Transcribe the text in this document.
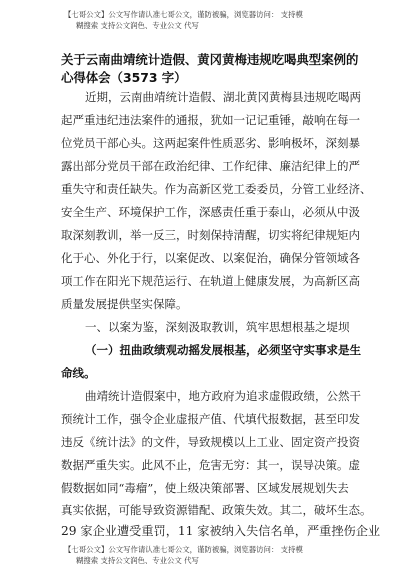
【七哥公文】公文写作请认准七哥公文，谨防被骗，浏览器访问： 支持模
糊搜索 支持公文润色、专业公文 代写
关于云南曲靖统计造假、黄冈黄梅违规吃喝典型案例的
心得体会（3573 字）
近期，云南曲靖统计造假、湖北黄冈黄梅县违规吃喝两
起严重违纪违法案件的通报，犹如一记记重锤，敲响在每一
位党员干部心头。这两起案件性质恶劣、影响极坏，深刻暴
露出部分党员干部在政治纪律、工作纪律、廉洁纪律上的严
重失守和责任缺失。作为高新区党工委委员，分管工业经济、
安全生产、环境保护工作，深感责任重于泰山，必须从中汲
取深刻教训，举一反三，时刻保持清醒，切实将纪律规矩内
化于心、外化于行，以案促改、以案促治，确保分管领域各
项工作在阳光下规范运行、在轨道上健康发展，为高新区高
质量发展提供坚实保障。
一、以案为鉴，深刻汲取教训，筑牢思想根基之堤坝
（一）扭曲政绩观动摇发展根基，必须坚守实事求是生
命线。
曲靖统计造假案中，地方政府为追求虚假政绩，公然干
预统计工作，强令企业虚报产值、代填代报数据，甚至印发
违反《统计法》的文件，导致规模以上工业、固定资产投资
数据严重失实。此风不止，危害无穷：其一，误导决策。虚
假数据如同“毒瘤”，使上级决策部署、区域发展规划失去
真实依据，可能导致资源错配、政策失效。其二，破坏生态。
29 家企业遭受重罚，11 家被纳入失信名单，严重挫伤企业
【七哥公文】公文写作请认准七哥公文，谨防被骗，浏览器访问： 支持模
糊搜索 支持公文润色、专业公文 代写
